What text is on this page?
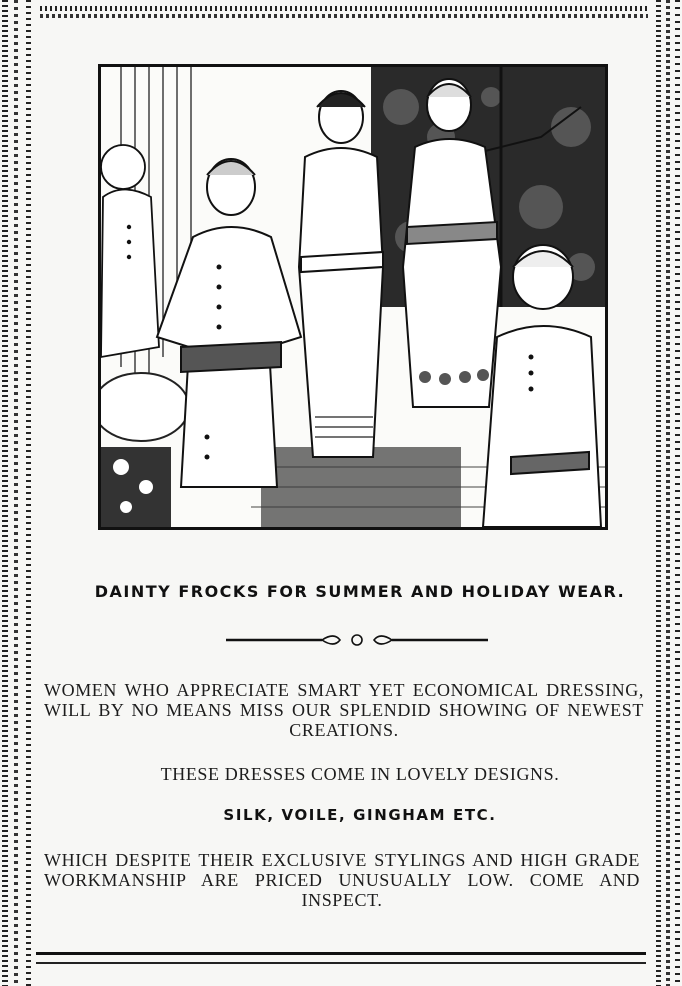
DAINTY FROCKS FOR SUMMER AND HOLIDAY WEAR.
WOMEN WHO APPRECIATE SMART YET ECONOMICAL DRESSING, WILL BY NO MEANS MISS OUR SPLENDID SHOWING OF NEWEST CREATIONS.
THESE DRESSES COME IN LOVELY DESIGNS.
SILK, VOILE, GINGHAM ETC.
WHICH DESPITE THEIR EXCLUSIVE STYLINGS AND HIGH GRADE WORKMANSHIP ARE PRICED UNUSUALLY LOW. COME AND INSPECT.
